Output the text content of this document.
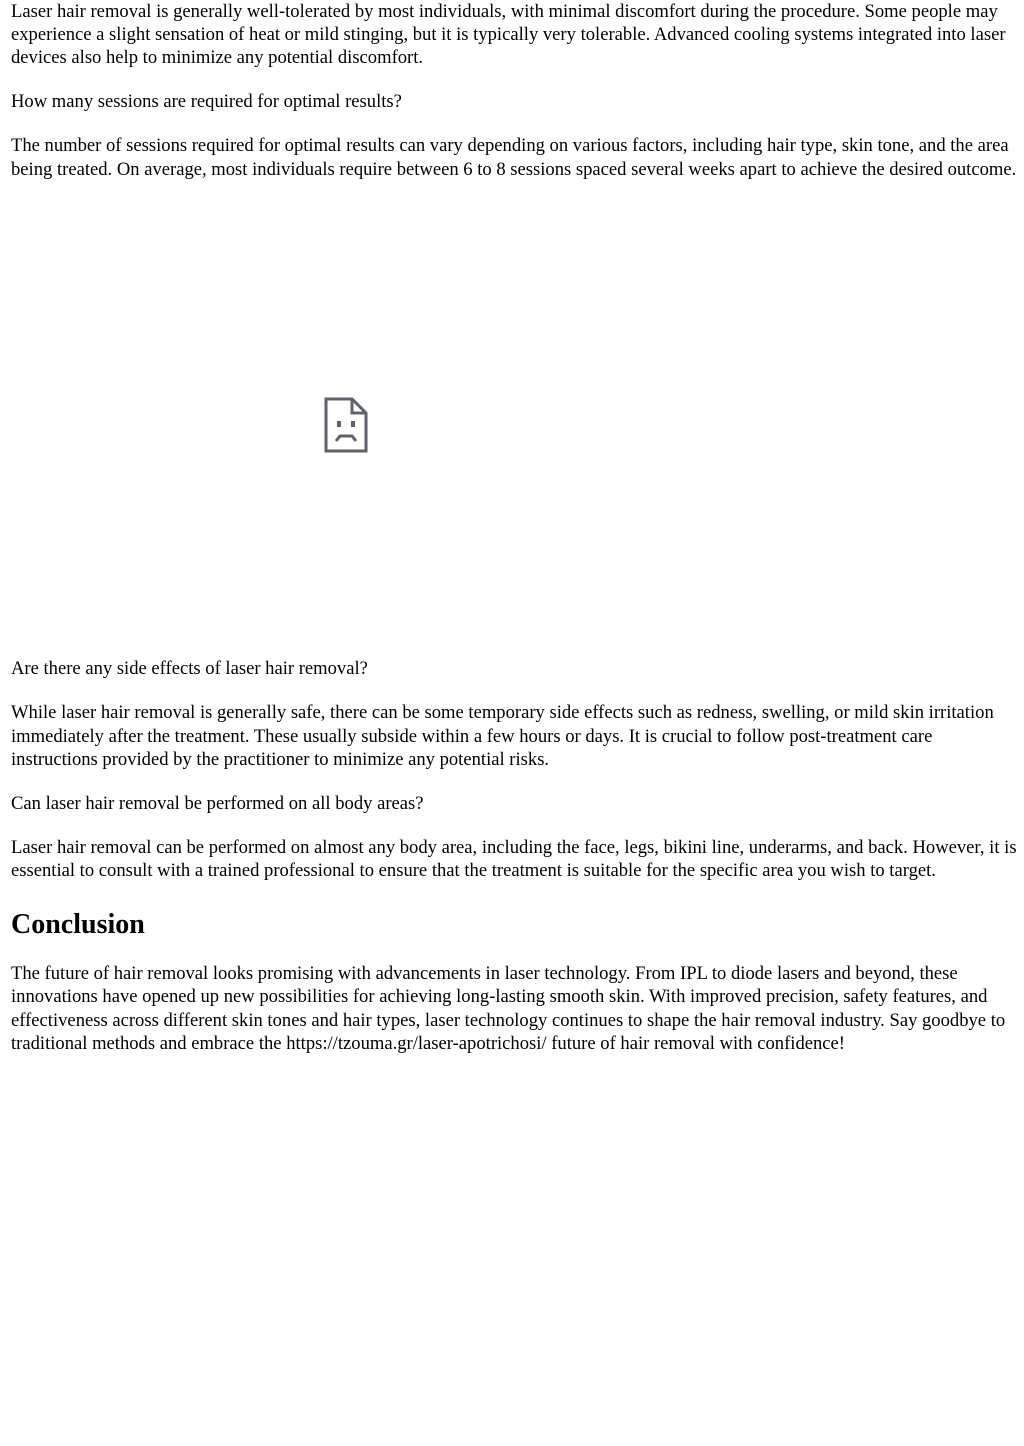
Laser hair removal is generally well-tolerated by most individuals, with minimal discomfort during the procedure. Some people may experience a slight sensation of heat or mild stinging, but it is typically very tolerable. Advanced cooling systems integrated into laser devices also help to minimize any potential discomfort.

How many sessions are required for optimal results?

The number of sessions required for optimal results can vary depending on various factors, including hair type, skin tone, and the area being treated. On average, most individuals require between 6 to 8 sessions spaced several weeks apart to achieve the desired outcome.

Are there any side effects of laser hair removal?

While laser hair removal is generally safe, there can be some temporary side effects such as redness, swelling, or mild skin irritation immediately after the treatment. These usually subside within a few hours or days. It is crucial to follow post-treatment care instructions provided by the practitioner to minimize any potential risks.

Can laser hair removal be performed on all body areas?

Laser hair removal can be performed on almost any body area, including the face, legs, bikini line, underarms, and back. However, it is essential to consult with a trained professional to ensure that the treatment is suitable for the specific area you wish to target.

Conclusion

The future of hair removal looks promising with advancements in laser technology. From IPL to diode lasers and beyond, these innovations have opened up new possibilities for achieving long-lasting smooth skin. With improved precision, safety features, and effectiveness across different skin tones and hair types, laser technology continues to shape the hair removal industry. Say goodbye to traditional methods and embrace the https://tzouma.gr/laser-apotrichosi/ future of hair removal with confidence!
